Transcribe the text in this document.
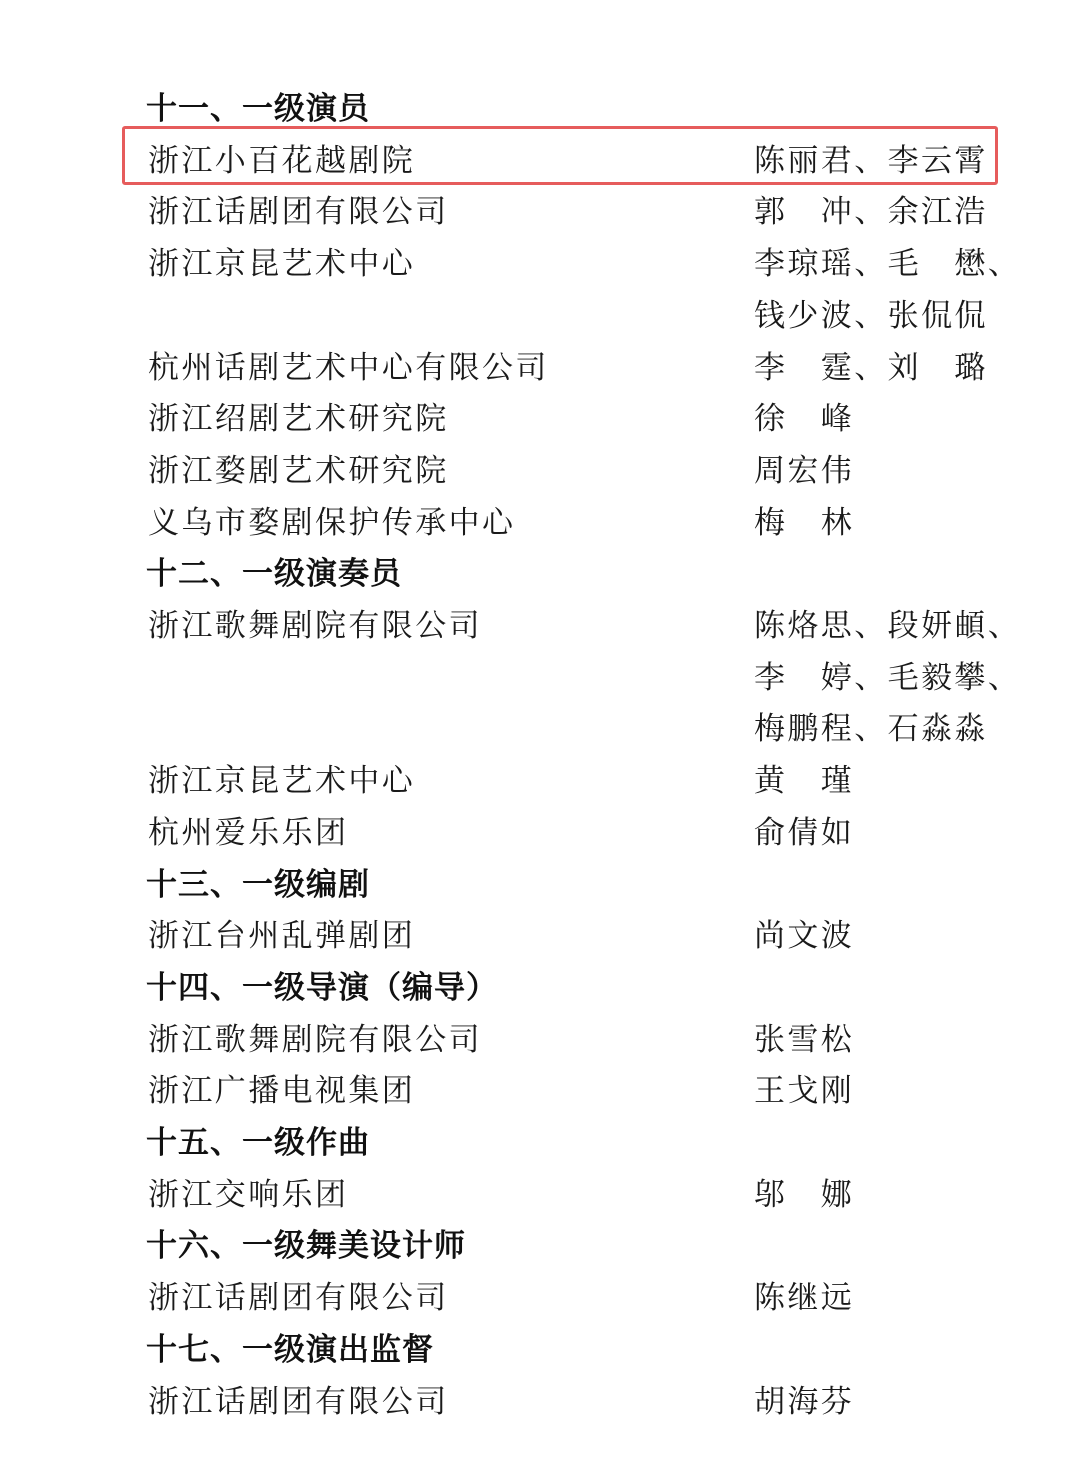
十一、一级演员
浙江小百花越剧院	陈丽君、李云霄
浙江话剧团有限公司	郭　冲、余江浩
浙江京昆艺术中心	李琼瑶、毛　懋、
钱少波、张侃侃
杭州话剧艺术中心有限公司	李　霆、刘　璐
浙江绍剧艺术研究院	徐　峰
浙江婺剧艺术研究院	周宏伟
义乌市婺剧保护传承中心	梅　林
十二、一级演奏员
浙江歌舞剧院有限公司	陈烙思、段妍頔、
李　婷、毛毅攀、
梅鹏程、石淼淼
浙江京昆艺术中心	黄　瑾
杭州爱乐乐团	俞倩如
十三、一级编剧
浙江台州乱弹剧团	尚文波
十四、一级导演（编导）
浙江歌舞剧院有限公司	张雪松
浙江广播电视集团	王戈刚
十五、一级作曲
浙江交响乐团	邬　娜
十六、一级舞美设计师
浙江话剧团有限公司	陈继远
十七、一级演出监督
浙江话剧团有限公司	胡海芬
